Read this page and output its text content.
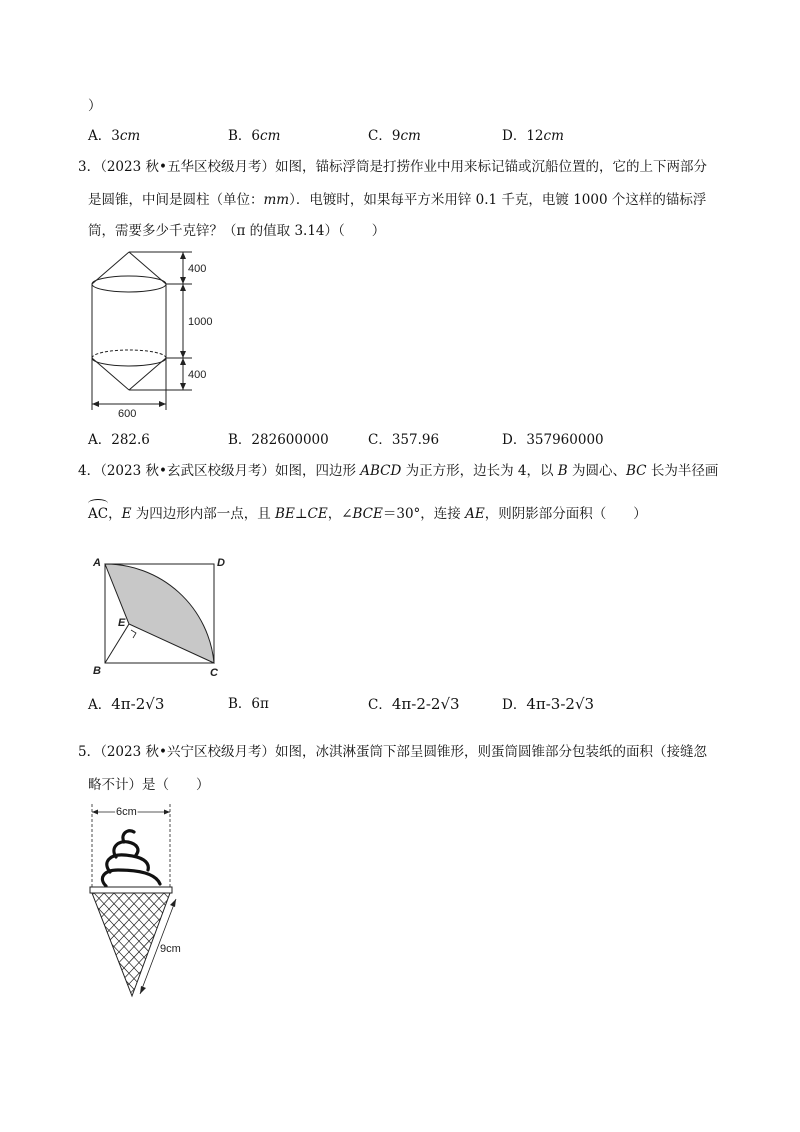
）
A．3cm	B．6cm	C．9cm	D．12cm
3．（2023 秋•五华区校级月考）如图，锚标浮筒是打捞作业中用来标记锚或沉船位置的，它的上下两部分
是圆锥，中间是圆柱（单位：mm）．电镀时，如果每平方米用锌 0.1 千克，电镀 1000 个这样的锚标浮
筒，需要多少千克锌？（π 的值取 3.14）（　　）
400
1000
400
600
A．282.6	B．282600000	C．357.96	D．357960000
4．（2023 秋•玄武区校级月考）如图，四边形 ABCD 为正方形，边长为 4，以 B 为圆心、BC 长为半径画
AC，E 为四边形内部一点，且 BE⊥CE，∠BCE＝30°，连接 AE，则阴影部分面积（　　）
A	D
B	C
E
A．4π-2√3	B．6π	C．4π-2-2√3	D．4π-3-2√3
5．（2023 秋•兴宁区校级月考）如图，冰淇淋蛋筒下部呈圆锥形，则蛋筒圆锥部分包装纸的面积（接缝忽
略不计）是（　　）
6cm
9cm
